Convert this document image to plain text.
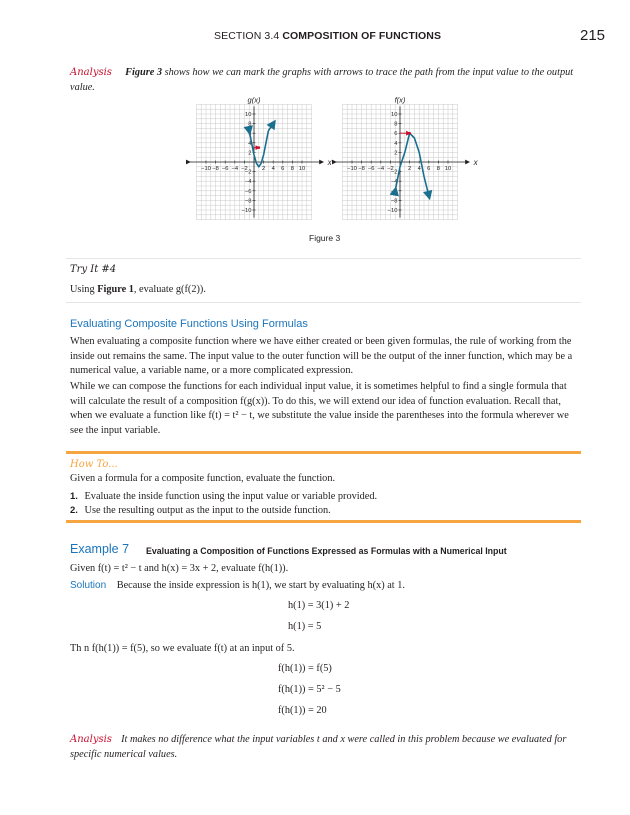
SECTION 3.4 COMPOSITION OF FUNCTIONS	215
Analysis Figure 3 shows how we can mark the graphs with arrows to trace the path from the input value to the output value.
g(x)
x
−10 −8 −6 −4 −2 2 4 6 8 10
10
8
6
4
2
−2
−4
−6
−8
−10
f(x)
x
−10 −8 −6 −4 −2 2 4 6 8 10
10
8
6
4
2
−2
−4
−6
−8
−10
Figure 3
Try It #4
Using Figure 1, evaluate g(f(2)).
Evaluating Composite Functions Using Formulas
When evaluating a composite function where we have either created or been given formulas, the rule of working from the inside out remains the same. The input value to the outer function will be the output of the inner function, which may be a numerical value, a variable name, or a more complicated expression.
While we can compose the functions for each individual input value, it is sometimes helpful to find a single formula that will calculate the result of a composition f(g(x)). To do this, we will extend our idea of function evaluation. Recall that, when we evaluate a function like f(t) = t² − t, we substitute the value inside the parentheses into the formula wherever we see the input variable.
How To...
Given a formula for a composite function, evaluate the function.
1. Evaluate the inside function using the input value or variable provided.
2. Use the resulting output as the input to the outside function.
Example 7 Evaluating a Composition of Functions Expressed as Formulas with a Numerical Input
Given f(t) = t² − t and h(x) = 3x + 2, evaluate f(h(1)).
Solution Because the inside expression is h(1), we start by evaluating h(x) at 1.
h(1) = 3(1) + 2
h(1) = 5
Th n f(h(1)) = f(5), so we evaluate f(t) at an input of 5.
f(h(1)) = f(5)
f(h(1)) = 5² − 5
f(h(1)) = 20
Analysis It makes no difference what the input variables t and x were called in this problem because we evaluated for specific numerical values.
